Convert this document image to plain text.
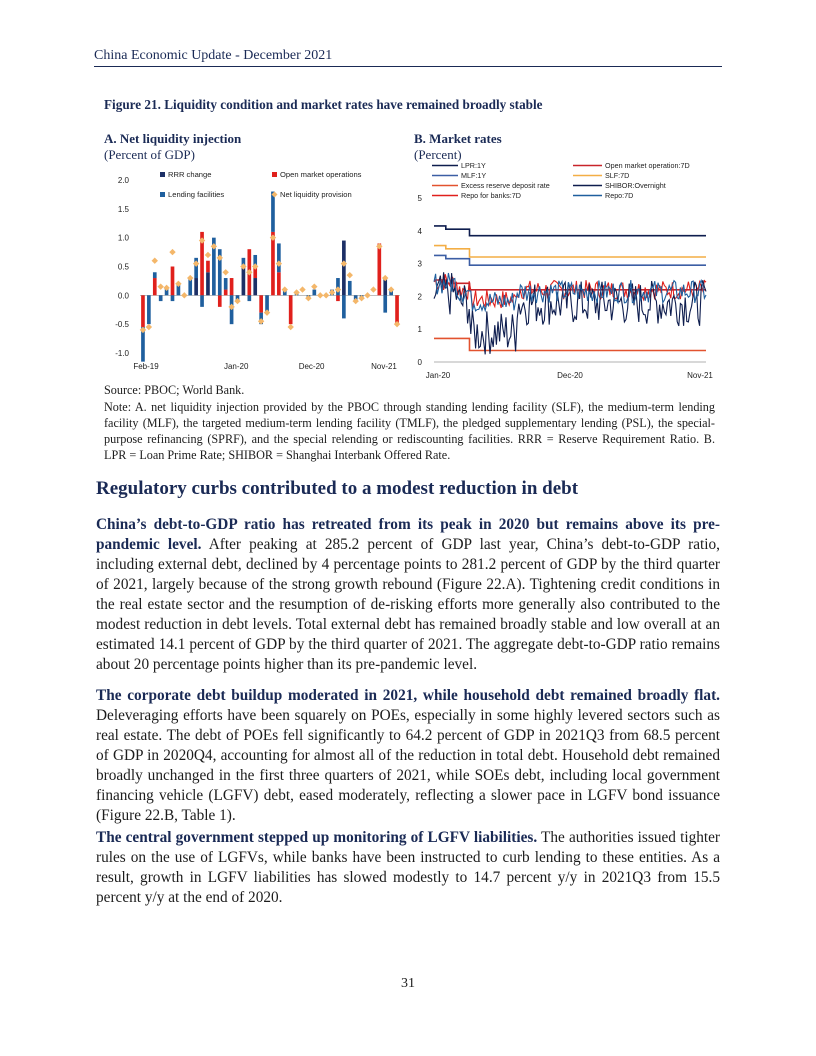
China Economic Update - December 2021
Figure 21. Liquidity condition and market rates have remained broadly stable
A. Net liquidity injection
(Percent of GDP)
B. Market rates
(Percent)
2.0
1.5
1.0
0.5
0.0
-0.5
-1.0
Feb-19	Jan-20	Dec-20	Nov-21
RRR change	Open market operations
Lending facilities	Net liquidity provision	5
4
3
2
1
0
Jan-20	Dec-20	Nov-21
LPR:1Y
MLF:1Y
Excess reserve deposit rate
Repo for banks:7D
Open market operation:7D
SLF:7D
SHIBOR:Overnight
Repo:7D
Source: PBOC; World Bank.
Note: A. net liquidity injection provided by the PBOC through standing lending facility (SLF), the medium-term lending facility (MLF), the targeted medium-term lending facility (TMLF), the pledged supplementary lending (PSL), the special-purpose refinancing (SPRF), and the special relending or rediscounting facilities. RRR = Reserve Requirement Ratio. B. LPR = Loan Prime Rate; SHIBOR = Shanghai Interbank Offered Rate.
Regulatory curbs contributed to a modest reduction in debt
China’s debt-to-GDP ratio has retreated from its peak in 2020 but remains above its pre-pandemic level. After peaking at 285.2 percent of GDP last year, China’s debt-to-GDP ratio, including external debt, declined by 4 percentage points to 281.2 percent of GDP by the third quarter of 2021, largely because of the strong growth rebound (Figure 22.A). Tightening credit conditions in the real estate sector and the resumption of de-risking efforts more generally also contributed to the modest reduction in debt levels. Total external debt has remained broadly stable and low overall at an estimated 14.1 percent of GDP by the third quarter of 2021. The aggregate debt-to-GDP ratio remains about 20 percentage points higher than its pre-pandemic level.
The corporate debt buildup moderated in 2021, while household debt remained broadly flat. Deleveraging efforts have been squarely on POEs, especially in some highly levered sectors such as real estate. The debt of POEs fell significantly to 64.2 percent of GDP in 2021Q3 from 68.5 percent of GDP in 2020Q4, accounting for almost all of the reduction in total debt. Household debt remained broadly unchanged in the first three quarters of 2021, while SOEs debt, including local government financing vehicle (LGFV) debt, eased moderately, reflecting a slower pace in LGFV bond issuance (Figure 22.B, Table 1).
The central government stepped up monitoring of LGFV liabilities. The authorities issued tighter rules on the use of LGFVs, while banks have been instructed to curb lending to these entities. As a result, growth in LGFV liabilities has slowed modestly to 14.7 percent y/y in 2021Q3 from 15.5 percent y/y at the end of 2020.
31
